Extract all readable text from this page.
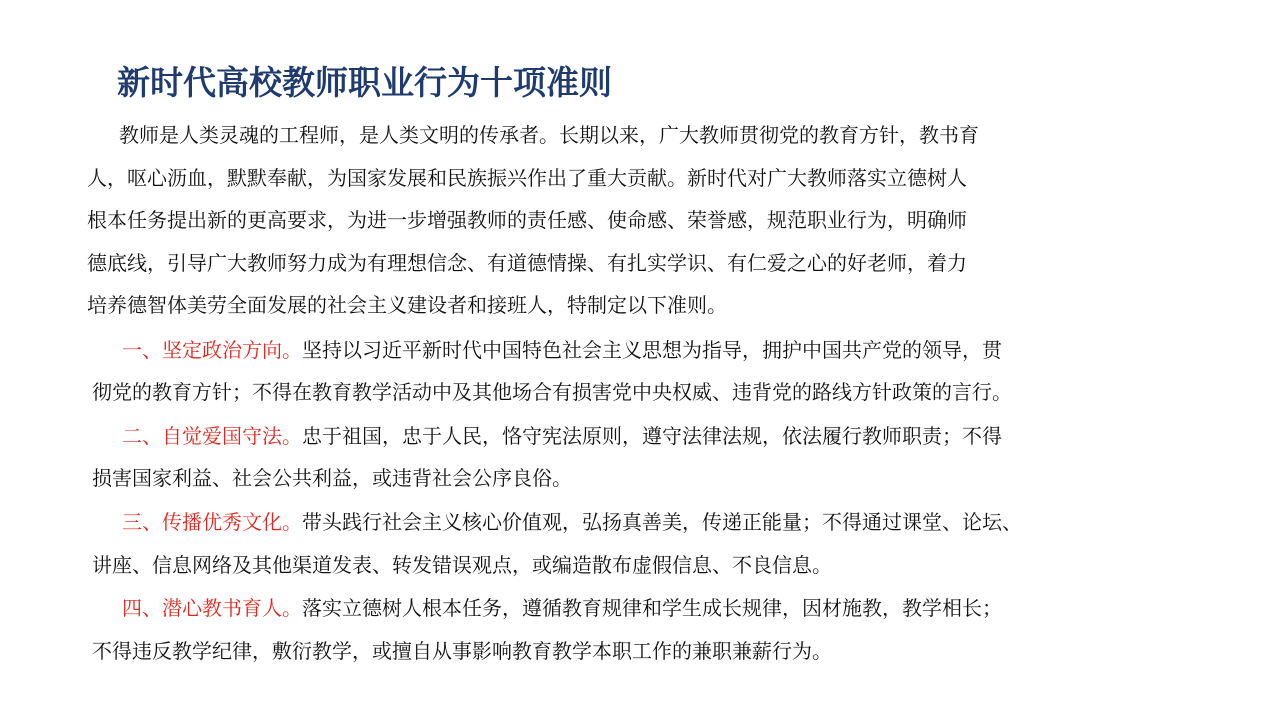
新时代高校教师职业行为十项准则
教师是人类灵魂的工程师，是人类文明的传承者。长期以来，广大教师贯彻党的教育方针，教书育
人，呕心沥血，默默奉献，为国家发展和民族振兴作出了重大贡献。新时代对广大教师落实立德树人
根本任务提出新的更高要求，为进一步增强教师的责任感、使命感、荣誉感，规范职业行为，明确师
德底线，引导广大教师努力成为有理想信念、有道德情操、有扎实学识、有仁爱之心的好老师，着力
培养德智体美劳全面发展的社会主义建设者和接班人，特制定以下准则。
一、坚定政治方向。坚持以习近平新时代中国特色社会主义思想为指导，拥护中国共产党的领导，贯
彻党的教育方针；不得在教育教学活动中及其他场合有损害党中央权威、违背党的路线方针政策的言行。
二、自觉爱国守法。忠于祖国，忠于人民，恪守宪法原则，遵守法律法规，依法履行教师职责；不得
损害国家利益、社会公共利益，或违背社会公序良俗。
三、传播优秀文化。带头践行社会主义核心价值观，弘扬真善美，传递正能量；不得通过课堂、论坛、
讲座、信息网络及其他渠道发表、转发错误观点，或编造散布虚假信息、不良信息。
四、潜心教书育人。落实立德树人根本任务，遵循教育规律和学生成长规律，因材施教，教学相长；
不得违反教学纪律，敷衍教学，或擅自从事影响教育教学本职工作的兼职兼薪行为。
